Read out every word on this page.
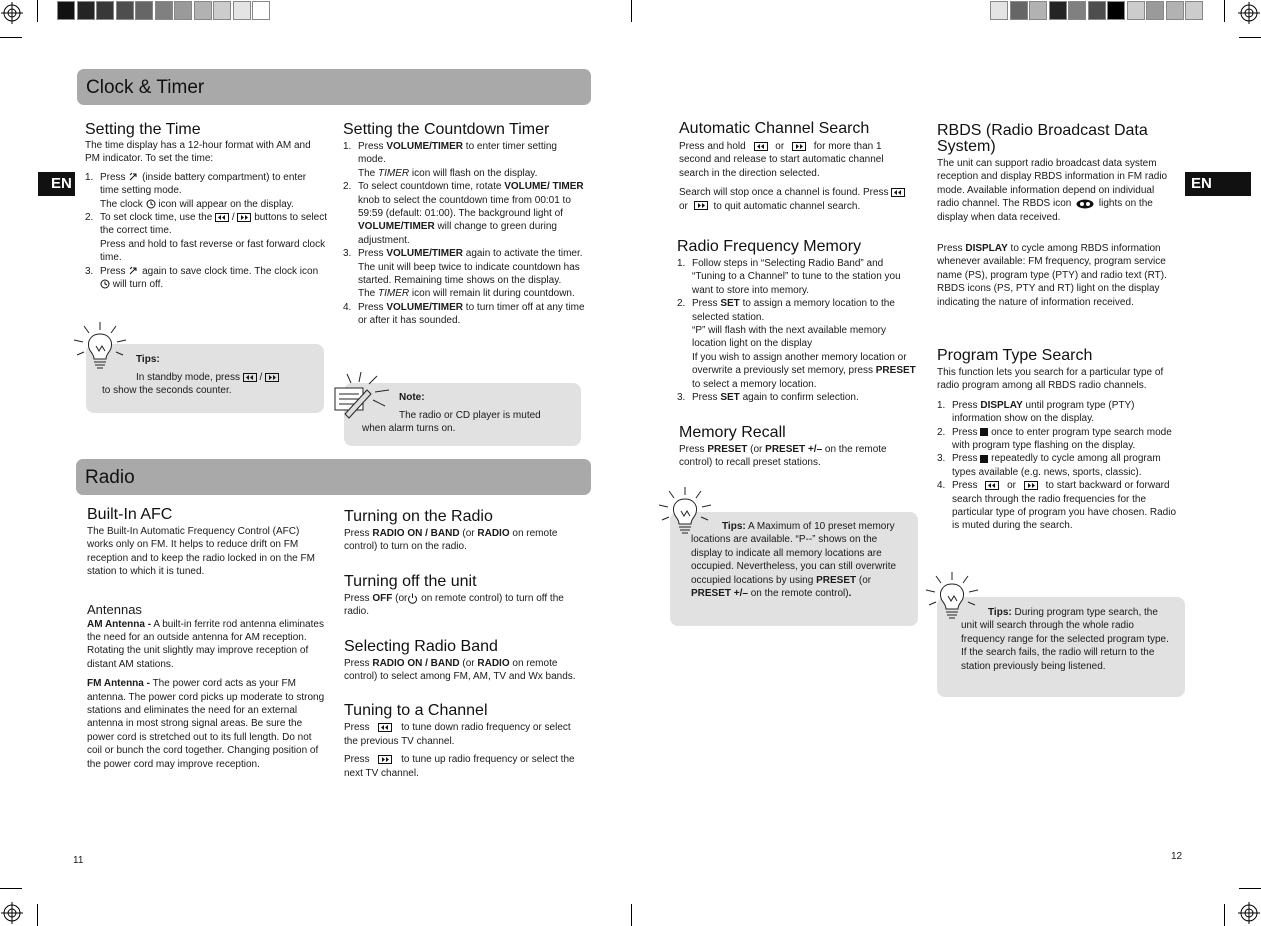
EN	EN
11	12
Clock & Timer
Setting the Time
The time display has a 12-hour format with AM and PM indicator. To set the time:
1. Press (inside battery compartment) to enter time setting mode.
The clock icon will appear on the display.
2. To set clock time, use the / buttons to select the correct time.
Press and hold to fast reverse or fast forward clock time.
3. Press again to save clock time. The clock icon  will turn off.
Tips:
In standby mode, press /
to show the seconds counter.
Setting the Countdown Timer
1. Press VOLUME/TIMER to enter timer setting mode.
The TIMER icon will flash on the display.
2. To select countdown time, rotate VOLUME/ TIMER knob to select the countdown time from 00:01 to 59:59 (default: 01:00). The background light of VOLUME/TIMER will change to green during adjustment.
3. Press VOLUME/TIMER again to activate the timer. The unit will beep twice to indicate countdown has started. Remaining time shows on the display.
The TIMER icon will remain lit during countdown.
4. Press VOLUME/TIMER to turn timer off at any time or after it has sounded.
Note:
The radio or CD player is muted when alarm turns on.
Radio
Built-In AFC
The Built-In Automatic Frequency Control (AFC) works only on FM. It helps to reduce drift on FM reception and to keep the radio locked in on the FM station to which it is tuned.
Antennas
AM Antenna - A built-in ferrite rod antenna eliminates the need for an outside antenna for AM reception. Rotating the unit slightly may improve reception of distant AM stations.
FM Antenna - The power cord acts as your FM antenna. The power cord picks up moderate to strong stations and eliminates the need for an external antenna in most strong signal areas. Be sure the power cord is stretched out to its full length. Do not coil or bunch the cord together. Changing position of the power cord may improve reception.
Turning on the Radio
Press RADIO ON / BAND (or RADIO on remote control) to turn on the radio.
Turning off the unit
Press OFF (or on remote control) to turn off the radio.
Selecting Radio Band
Press RADIO ON / BAND (or RADIO on remote control) to select among FM, AM, TV and Wx bands.
Tuning to a Channel
Press	to tune down radio frequency or select the previous TV channel.
Press	to tune up radio frequency or select the next TV channel.
Automatic Channel Search
Press and hold	or	for more than 1 second and release to start automatic channel search in the direction selected.
Search will stop once a channel is found. Press  or	to quit automatic channel search.
Radio Frequency Memory
1. Follow steps in “Selecting Radio Band” and “Tuning to a Channel” to tune to the station you want to store into memory.
2. Press SET to assign a memory location to the selected station.
“P” will flash with the next available memory location light on the display
If you wish to assign another memory location or overwrite a previously set memory, press PRESET to select a memory location.
3. Press SET again to confirm selection.
Memory Recall
Press PRESET (or PRESET +/– on the remote control) to recall preset stations.
Tips: A Maximum of 10 preset memory locations are available. “P--” shows on the display to indicate all memory locations are occupied. Nevertheless, you can still overwrite occupied locations by using PRESET (or PRESET +/– on the remote control).
RBDS (Radio Broadcast Data System)
The unit can support radio broadcast data system reception and display RBDS information in FM radio mode. Available information depend on individual radio channel. The RBDS icon	lights on the display when data received.
Press DISPLAY to cycle among RBDS information whenever available: FM frequency, program service name (PS), program type (PTY) and radio text (RT). RBDS icons (PS, PTY and RT) light on the display indicating the nature of information received.
Program Type Search
This function lets you search for a particular type of radio program among all RBDS radio channels.
1. Press DISPLAY until program type (PTY) information show on the display.
2. Press once to enter program type search mode with program type flashing on the display.
3. Press repeatedly to cycle among all program types available (e.g. news, sports, classic).
4. Press	or	to start backward or forward search through the radio frequencies for the particular type of program you have chosen. Radio is muted during the search.
Tips: During program type search, the unit will search through the whole radio frequency range for the selected program type. If the search fails, the radio will return to the station previously being listened.
